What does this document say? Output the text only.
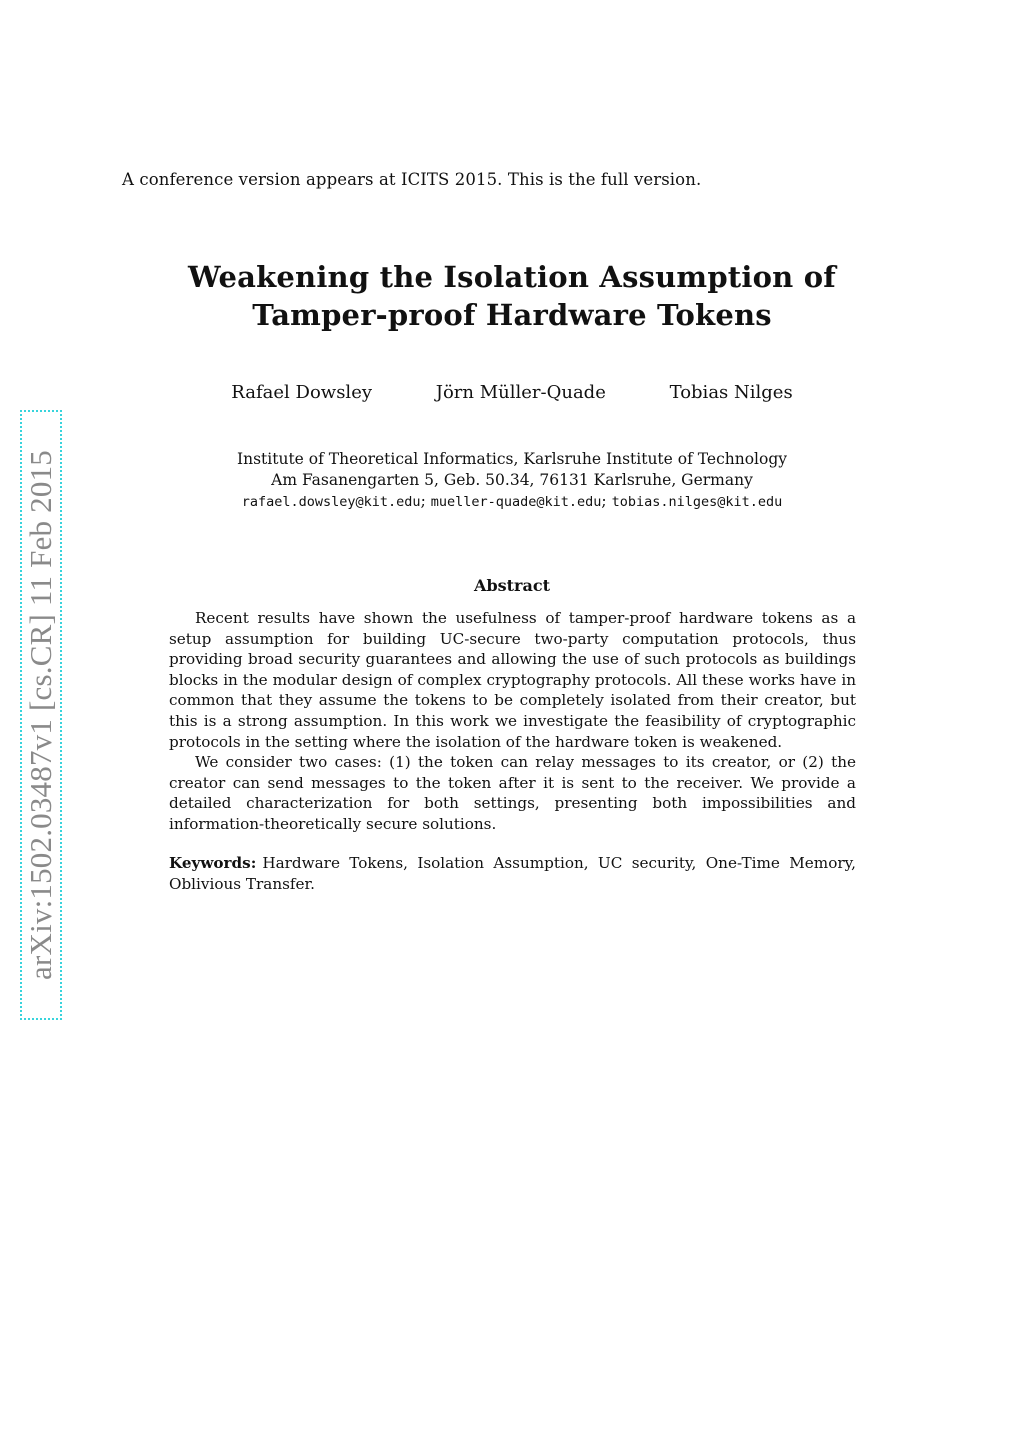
A conference version appears at ICITS 2015. This is the full version.
Weakening the Isolation Assumption of
Tamper-proof Hardware Tokens
Rafael Dowsley	Jörn Müller-Quade	Tobias Nilges
Institute of Theoretical Informatics, Karlsruhe Institute of Technology
Am Fasanengarten 5, Geb. 50.34, 76131 Karlsruhe, Germany
rafael.dowsley@kit.edu; mueller-quade@kit.edu; tobias.nilges@kit.edu
Abstract

Recent results have shown the usefulness of tamper-proof hardware tokens as a setup assumption for building UC-secure two-party computation protocols, thus providing broad security guarantees and allowing the use of such protocols as buildings blocks in the modular design of complex cryptography protocols. All these works have in common that they assume the tokens to be completely isolated from their creator, but this is a strong assumption. In this work we investigate the feasibility of cryptographic protocols in the setting where the isolation of the hardware token is weakened.

We consider two cases: (1) the token can relay messages to its creator, or (2) the creator can send messages to the token after it is sent to the receiver. We provide a detailed characterization for both settings, presenting both impossibilities and information-theoretically secure solutions.

Keywords: Hardware Tokens, Isolation Assumption, UC security, One-Time Memory, Oblivious Transfer.
arXiv:1502.03487v1 [cs.CR] 11 Feb 2015
